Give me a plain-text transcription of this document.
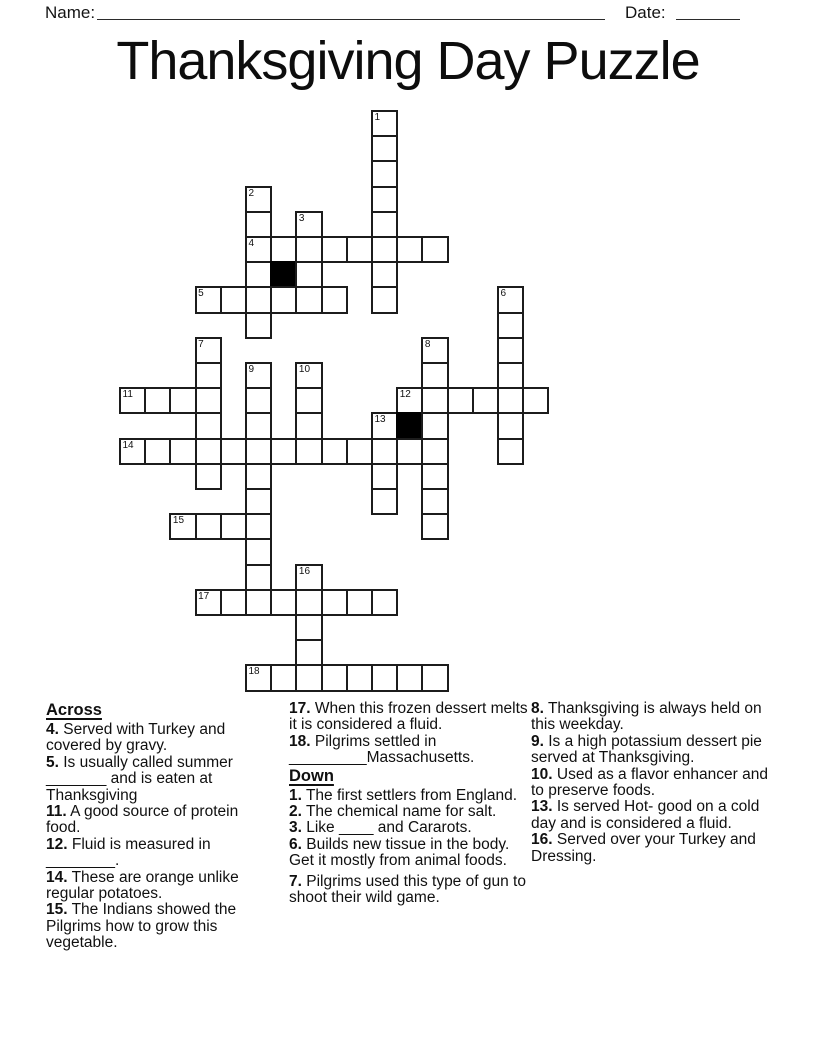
Name:	Date:
Thanksgiving Day Puzzle
1
2
3
4
5	6
7	8
9	10
11	12
13
14
15
16
17
18
Across
4. Served with Turkey and covered by gravy.
5. Is usually called summer _______ and is eaten at Thanksgiving
11. A good source of protein food.
12. Fluid is measured in ________.
14. These are orange unlike regular potatoes.
15. The Indians showed the Pilgrims how to grow this vegetable.
17. When this frozen dessert melts it is considered a fluid.
18. Pilgrims settled in _________Massachusetts.
Down
1. The first settlers from England.
2. The chemical name for salt.
3. Like ____ and Cararots.
6. Builds new tissue in the body. Get it mostly from animal foods.
7. Pilgrims used this type of gun to shoot their wild game.
8. Thanksgiving is always held on this weekday.
9. Is a high potassium dessert pie served at Thanksgiving.
10. Used as a flavor enhancer and to preserve foods.
13. Is served Hot- good on a cold day and is considered a fluid.
16. Served over your Turkey and Dressing.
